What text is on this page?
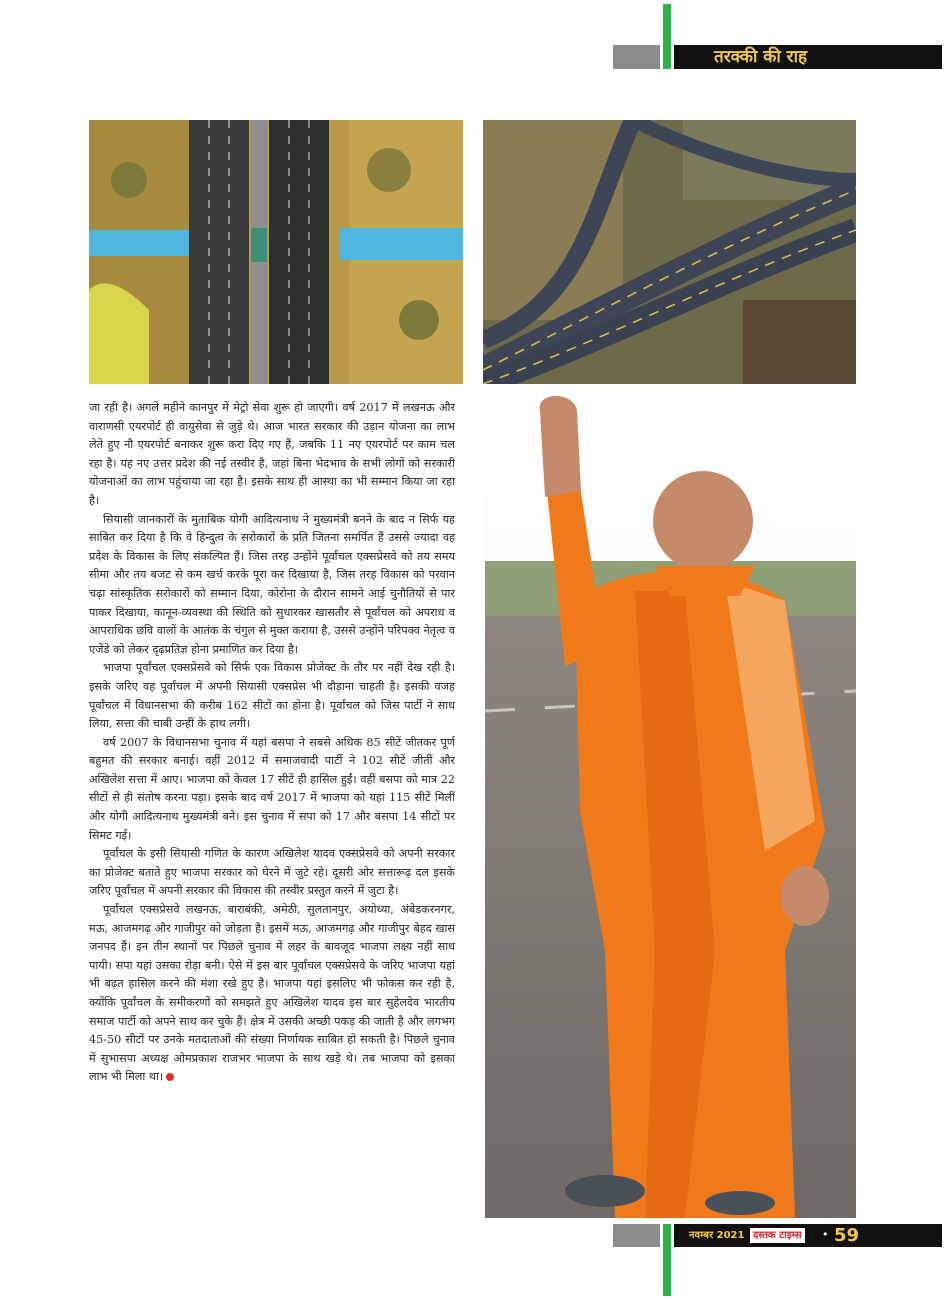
तरक्की की राह

जा रही है। अगले महीने कानपुर में मेट्रो सेवा शुरू हो जाएगी। वर्ष 2017 में लखनऊ और वाराणसी एयरपोर्ट ही वायुसेवा से जुड़े थे। आज भारत सरकार की उड़ान योजना का लाभ लेते हुए नौ एयरपोर्ट बनाकर शुरू करा दिए गए हैं, जबकि 11 नए एयरपोर्ट पर काम चल रहा है। यह नए उत्तर प्रदेश की नई तस्वीर है, जहां बिना भेदभाव के सभी लोगों को सरकारी योजनाओं का लाभ पहुंचाया जा रहा है। इसके साथ ही आस्था का भी सम्मान किया जा रहा है।

सियासी जानकारों के मुताबिक योगी आदित्यनाथ ने मुख्यमंत्री बनने के बाद न सिर्फ यह साबित कर दिया है कि वे हिन्दुत्व के सरोकारों के प्रति जितना समर्पित हैं उससे ज्यादा वह प्रदेश के विकास के लिए संकल्पित हैं। जिस तरह उन्होंने पूर्वांचल एक्सप्रेसवे को तय समय सीमा और तय बजट से कम खर्च करके पूरा कर दिखाया है, जिस तरह विकास को परवान चढ़ा सांस्कृतिक सरोकारों को सम्मान दिया, कोरोना के दौरान सामने आई चुनौतियों से पार पाकर दिखाया, कानून-व्यवस्था की स्थिति को सुधारकर खासतौर से पूर्वांचल को अपराध व आपराधिक छवि वालों के आतंक के चंगुल से मुक्त कराया है, उससे उन्होंने परिपक्व नेतृत्व व एजेंडे को लेकर दृढ़प्रतिज्ञ होना प्रमाणित कर दिया है।

भाजपा पूर्वांचल एक्सप्रेसवे को सिर्फ एक विकास प्रोजेक्ट के तौर पर नहीं देख रही है। इसके जरिए वह पूर्वांचल में अपनी सियासी एक्सप्रेस भी दौड़ाना चाहती है। इसकी वजह पूर्वांचल में विधानसभा की करीब 162 सीटों का होना है। पूर्वांचल को जिस पार्टी ने साध लिया, सत्ता की चाबी उन्हीं के हाथ लगी।

वर्ष 2007 के विधानसभा चुनाव में यहां बसपा ने सबसे अधिक 85 सीटें जीतकर पूर्ण बहुमत की सरकार बनाई। वहीं 2012 में समाजवादी पार्टी ने 102 सीटें जीतीं और अखिलेश सत्ता में आए। भाजपा को केवल 17 सीटें ही हासिल हुईं। वहीं बसपा को मात्र 22 सीटों से ही संतोष करना पड़ा। इसके बाद वर्ष 2017 में भाजपा को यहां 115 सीटें मिलीं और योगी आदित्यनाथ मुख्यमंत्री बने। इस चुनाव में सपा को 17 और बसपा 14 सीटों पर सिमट गई।

पूर्वांचल के इसी सियासी गणित के कारण अखिलेश यादव एक्सप्रेसवे को अपनी सरकार का प्रोजेक्ट बताते हुए भाजपा सरकार को घेरने में जुटे रहे। दूसरी ओर सत्तारूढ़ दल इसके जरिए पूर्वांचल में अपनी सरकार की विकास की तस्वीर प्रस्तुत करने में जुटा है।

पूर्वांचल एक्सप्रेसवे लखनऊ, बाराबंकी, अमेठी, सुलतानपुर, अयोध्या, अंबेडकरनगर, मऊ, आजमगढ़ और गाजीपुर को जोड़ता है। इसमें मऊ, आजमगढ़ और गाजीपुर बेहद खास जनपद हैं। इन तीन स्थानों पर पिछले चुनाव में लहर के बावजूद भाजपा लक्ष्य नहीं साध पायी। सपा यहां उसका रोड़ा बनी। ऐसे में इस बार पूर्वांचल एक्सप्रेसवे के जरिए भाजपा यहां भी बढ़त हासिल करने की मंशा रखे हुए है। भाजपा यहां इसलिए भी फोकस कर रही है, क्योंकि पूर्वांचल के समीकरणों को समझते हुए अखिलेश यादव इस बार सुहेलदेव भारतीय समाज पार्टी को अपने साथ कर चुके हैं। क्षेत्र में उसकी अच्छी पकड़ की जाती है और लगभग 45-50 सीटों पर उनके मतदाताओं की संख्या निर्णायक साबित हो सकती है। पिछले चुनाव में सुभासपा अध्यक्ष ओमप्रकाश राजभर भाजपा के साथ खड़े थे। तब भाजपा को इसका लाभ भी मिला था।

नवम्बर 2021 दस्तक टाइम्स • 59
